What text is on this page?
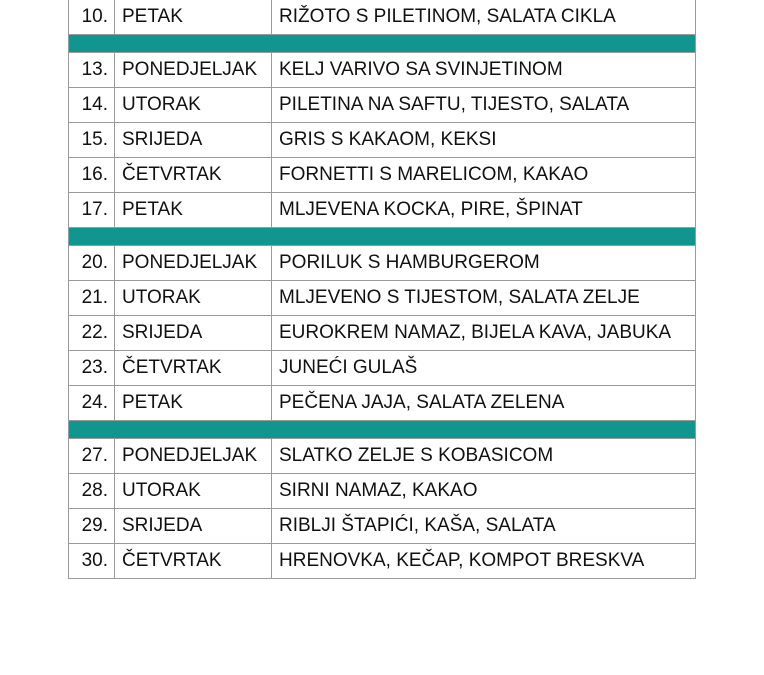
10.	PETAK	RIŽOTO S PILETINOM, SALATA CIKLA

13.	PONEDJELJAK	KELJ VARIVO SA SVINJETINOM
14.	UTORAK	PILETINA NA SAFTU, TIJESTO, SALATA
15.	SRIJEDA	GRIS S KAKAOM, KEKSI
16.	ČETVRTAK	FORNETTI S MARELICOM, KAKAO
17.	PETAK	MLJEVENA KOCKA, PIRE, ŠPINAT

20.	PONEDJELJAK	PORILUK S HAMBURGEROM
21.	UTORAK	MLJEVENO S TIJESTOM, SALATA ZELJE
22.	SRIJEDA	EUROKREM NAMAZ, BIJELA KAVA, JABUKA
23.	ČETVRTAK	JUNEĆI GULAŠ
24.	PETAK	PEČENA JAJA, SALATA ZELENA

27.	PONEDJELJAK	SLATKO ZELJE S KOBASICOM
28.	UTORAK	SIRNI NAMAZ, KAKAO
29.	SRIJEDA	RIBLJI ŠTAPIĆI, KAŠA, SALATA
30.	ČETVRTAK	HRENOVKA, KEČAP, KOMPOT BRESKVA
